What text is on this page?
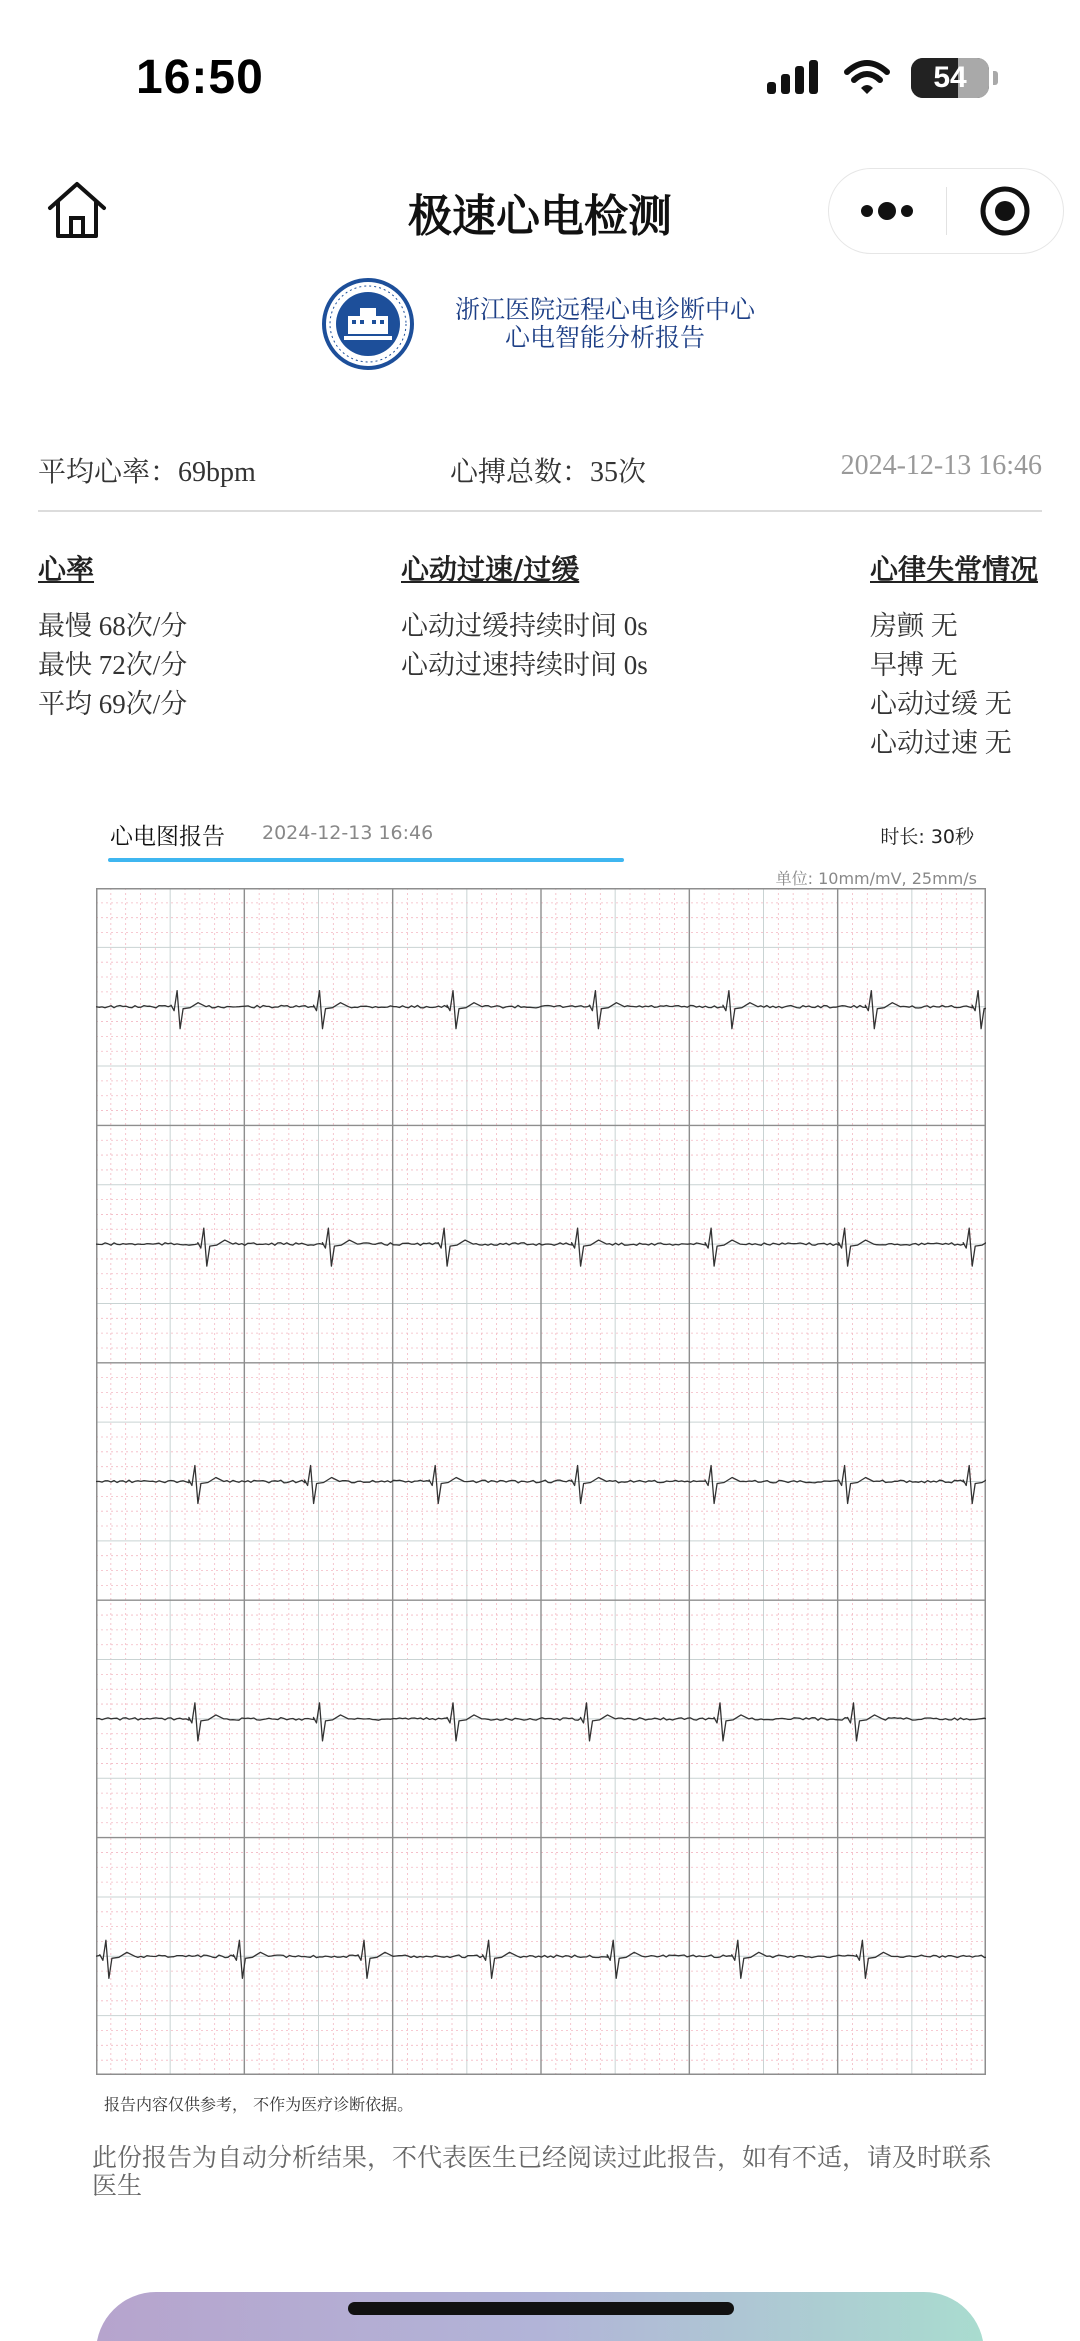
16:50	54
极速心电检测
浙江医院远程心电诊断中心
心电智能分析报告
平均心率：69bpm	心搏总数：35次	2024-12-13 16:46
心率
最慢 68次/分
最快 72次/分
平均 69次/分
心动过速/过缓
心动过缓持续时间 0s
心动过速持续时间 0s
心律失常情况
房颤 无
早搏 无
心动过缓 无
心动过速 无
心电图报告 2024-12-13 16:46	时长: 30秒
单位: 10mm/mV, 25mm/s
报告内容仅供参考， 不作为医疗诊断依据。
此份报告为自动分析结果，不代表医生已经阅读过此报告，如有不适，请及时联系医生
